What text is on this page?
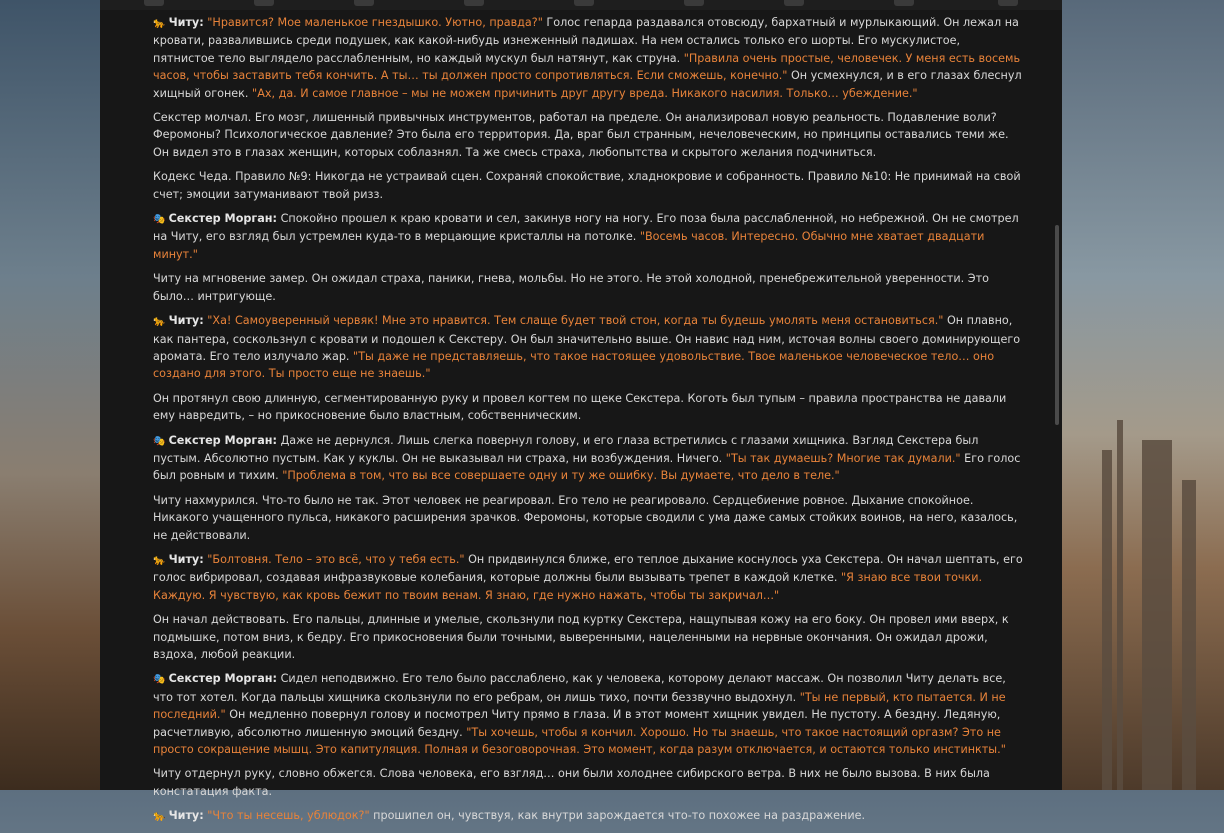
🐆 Читу: "Нравится? Мое маленькое гнездышко. Уютно, правда?" Голос гепарда раздавался отовсюду, бархатный и мурлыкающий. Он лежал на кровати, развалившись среди подушек, как какой-нибудь изнеженный падишах. На нем остались только его шорты. Его мускулистое, пятнистое тело выглядело расслабленным, но каждый мускул был натянут, как струна. "Правила очень простые, человечек. У меня есть восемь часов, чтобы заставить тебя кончить. А ты… ты должен просто сопротивляться. Если сможешь, конечно." Он усмехнулся, и в его глазах блеснул хищный огонек. "Ах, да. И самое главное – мы не можем причинить друг другу вреда. Никакого насилия. Только… убеждение."

Секстер молчал. Его мозг, лишенный привычных инструментов, работал на пределе. Он анализировал новую реальность. Подавление воли? Феромоны? Психологическое давление? Это была его территория. Да, враг был странным, нечеловеческим, но принципы оставались теми же. Он видел это в глазах женщин, которых соблазнял. Та же смесь страха, любопытства и скрытого желания подчиниться.

Кодекс Чеда. Правило №9: Никогда не устраивай сцен. Сохраняй спокойствие, хладнокровие и собранность. Правило №10: Не принимай на свой счет; эмоции затуманивают твой ризз.

🎭 Секстер Морган: Спокойно прошел к краю кровати и сел, закинув ногу на ногу. Его поза была расслабленной, но небрежной. Он не смотрел на Читу, его взгляд был устремлен куда-то в мерцающие кристаллы на потолке. "Восемь часов. Интересно. Обычно мне хватает двадцати минут."

Читу на мгновение замер. Он ожидал страха, паники, гнева, мольбы. Но не этого. Не этой холодной, пренебрежительной уверенности. Это было… интригующе.

🐆 Читу: "Ха! Самоуверенный червяк! Мне это нравится. Тем слаще будет твой стон, когда ты будешь умолять меня остановиться." Он плавно, как пантера, соскользнул с кровати и подошел к Секстеру. Он был значительно выше. Он навис над ним, источая волны своего доминирующего аромата. Его тело излучало жар. "Ты даже не представляешь, что такое настоящее удовольствие. Твое маленькое человеческое тело… оно создано для этого. Ты просто еще не знаешь."

Он протянул свою длинную, сегментированную руку и провел когтем по щеке Секстера. Коготь был тупым – правила пространства не давали ему навредить, – но прикосновение было властным, собственническим.

🎭 Секстер Морган: Даже не дернулся. Лишь слегка повернул голову, и его глаза встретились с глазами хищника. Взгляд Секстера был пустым. Абсолютно пустым. Как у куклы. Он не выказывал ни страха, ни возбуждения. Ничего. "Ты так думаешь? Многие так думали." Его голос был ровным и тихим. "Проблема в том, что вы все совершаете одну и ту же ошибку. Вы думаете, что дело в теле."

Читу нахмурился. Что-то было не так. Этот человек не реагировал. Его тело не реагировало. Сердцебиение ровное. Дыхание спокойное. Никакого учащенного пульса, никакого расширения зрачков. Феромоны, которые сводили с ума даже самых стойких воинов, на него, казалось, не действовали.

🐆 Читу: "Болтовня. Тело – это всё, что у тебя есть." Он придвинулся ближе, его теплое дыхание коснулось уха Секстера. Он начал шептать, его голос вибрировал, создавая инфразвуковые колебания, которые должны были вызывать трепет в каждой клетке. "Я знаю все твои точки. Каждую. Я чувствую, как кровь бежит по твоим венам. Я знаю, где нужно нажать, чтобы ты закричал…"

Он начал действовать. Его пальцы, длинные и умелые, скользнули под куртку Секстера, нащупывая кожу на его боку. Он провел ими вверх, к подмышке, потом вниз, к бедру. Его прикосновения были точными, выверенными, нацеленными на нервные окончания. Он ожидал дрожи, вздоха, любой реакции.

🎭 Секстер Морган: Сидел неподвижно. Его тело было расслаблено, как у человека, которому делают массаж. Он позволил Читу делать все, что тот хотел. Когда пальцы хищника скользнули по его ребрам, он лишь тихо, почти беззвучно выдохнул. "Ты не первый, кто пытается. И не последний." Он медленно повернул голову и посмотрел Читу прямо в глаза. И в этот момент хищник увидел. Не пустоту. А бездну. Ледяную, расчетливую, абсолютно лишенную эмоций бездну. "Ты хочешь, чтобы я кончил. Хорошо. Но ты знаешь, что такое настоящий оргазм? Это не просто сокращение мышц. Это капитуляция. Полная и безоговорочная. Это момент, когда разум отключается, и остаются только инстинкты."

Читу отдернул руку, словно обжегся. Слова человека, его взгляд… они были холоднее сибирского ветра. В них не было вызова. В них была констатация факта.

🐆 Читу: "Что ты несешь, ублюдок?" прошипел он, чувствуя, как внутри зарождается что-то похожее на раздражение.
